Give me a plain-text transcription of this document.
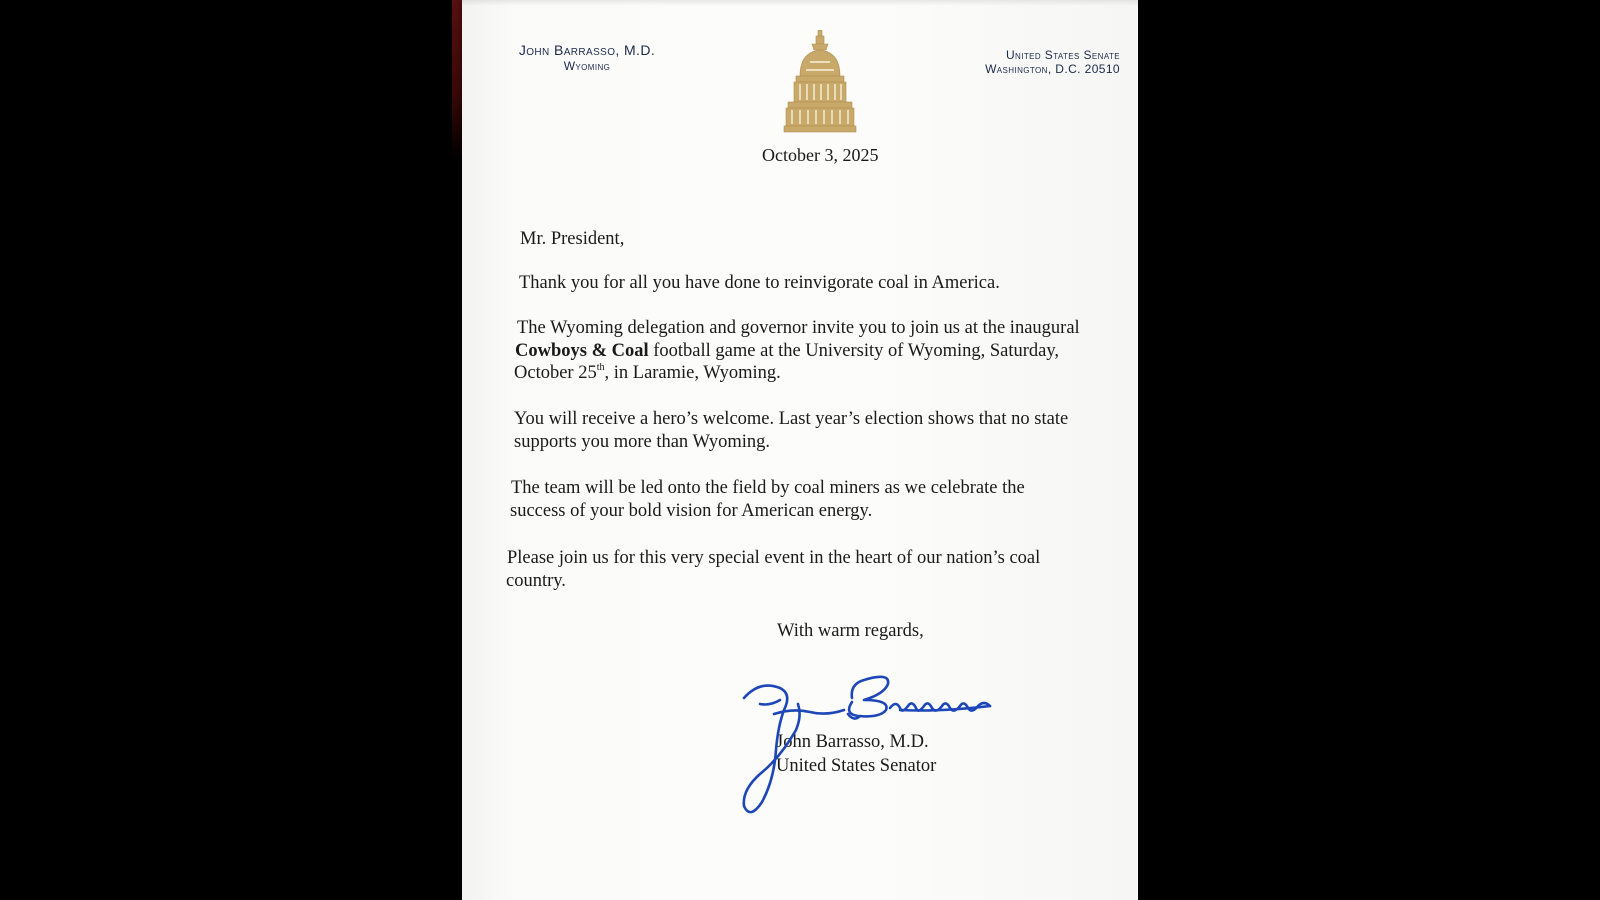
John Barrasso, M.D.
Wyoming
United States Senate
Washington, D.C. 20510
October 3, 2025
Mr. President,
Thank you for all you have done to reinvigorate coal in America.
The Wyoming delegation and governor invite you to join us at the inaugural
Cowboys & Coal football game at the University of Wyoming, Saturday,
October 25th, in Laramie, Wyoming.
You will receive a hero’s welcome. Last year’s election shows that no state
supports you more than Wyoming.
The team will be led onto the field by coal miners as we celebrate the
success of your bold vision for American energy.
Please join us for this very special event in the heart of our nation’s coal
country.
With warm regards,
John Barrasso, M.D.
United States Senator
